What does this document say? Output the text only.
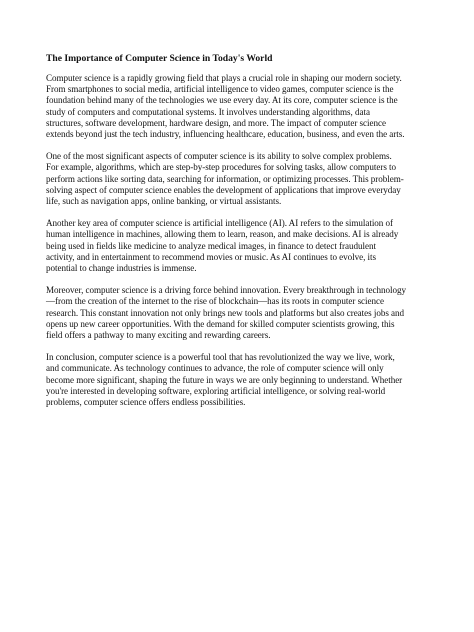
The Importance of Computer Science in Today's World
Computer science is a rapidly growing field that plays a crucial role in shaping our modern society.
From smartphones to social media, artificial intelligence to video games, computer science is the
foundation behind many of the technologies we use every day. At its core, computer science is the
study of computers and computational systems. It involves understanding algorithms, data
structures, software development, hardware design, and more. The impact of computer science
extends beyond just the tech industry, influencing healthcare, education, business, and even the arts.
One of the most significant aspects of computer science is its ability to solve complex problems.
For example, algorithms, which are step-by-step procedures for solving tasks, allow computers to
perform actions like sorting data, searching for information, or optimizing processes. This problem-
solving aspect of computer science enables the development of applications that improve everyday
life, such as navigation apps, online banking, or virtual assistants.
Another key area of computer science is artificial intelligence (AI). AI refers to the simulation of
human intelligence in machines, allowing them to learn, reason, and make decisions. AI is already
being used in fields like medicine to analyze medical images, in finance to detect fraudulent
activity, and in entertainment to recommend movies or music. As AI continues to evolve, its
potential to change industries is immense.
Moreover, computer science is a driving force behind innovation. Every breakthrough in technology
—from the creation of the internet to the rise of blockchain—has its roots in computer science
research. This constant innovation not only brings new tools and platforms but also creates jobs and
opens up new career opportunities. With the demand for skilled computer scientists growing, this
field offers a pathway to many exciting and rewarding careers.
In conclusion, computer science is a powerful tool that has revolutionized the way we live, work,
and communicate. As technology continues to advance, the role of computer science will only
become more significant, shaping the future in ways we are only beginning to understand. Whether
you're interested in developing software, exploring artificial intelligence, or solving real-world
problems, computer science offers endless possibilities.
